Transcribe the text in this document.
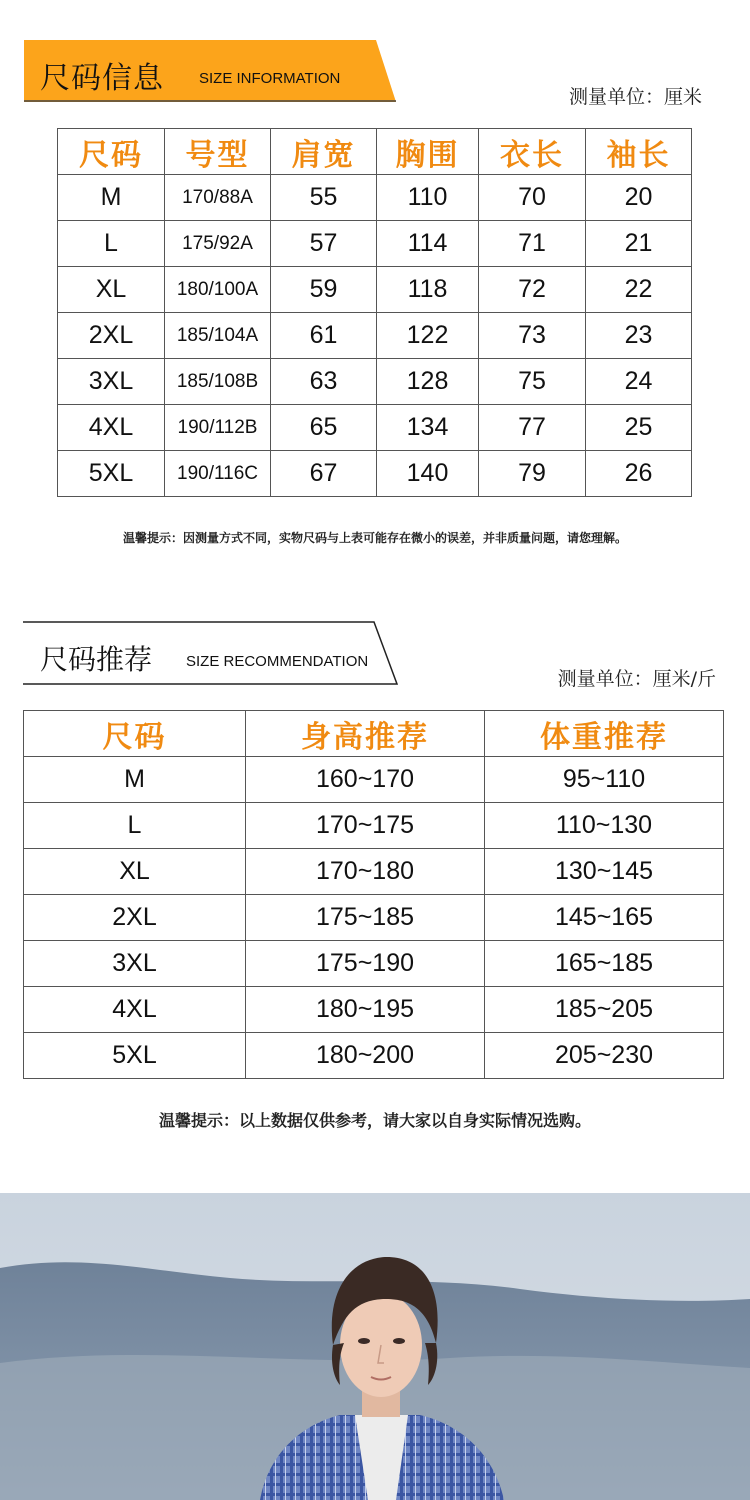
尺码信息 SIZE INFORMATION
测量单位：厘米
尺码	号型	肩宽	胸围	衣长	袖长
M	170/88A	55	110	70	20
L	175/92A	57	114	71	21
XL	180/100A	59	118	72	22
2XL	185/104A	61	122	73	23
3XL	185/108B	63	128	75	24
4XL	190/112B	65	134	77	25
5XL	190/116C	67	140	79	26
温馨提示：因测量方式不同，实物尺码与上表可能存在微小的误差，并非质量问题，请您理解。
尺码推荐 SIZE RECOMMENDATION
测量单位：厘米/斤
尺码	身高推荐	体重推荐
M	160~170	95~110
L	170~175	110~130
XL	170~180	130~145
2XL	175~185	145~165
3XL	175~190	165~185
4XL	180~195	185~205
5XL	180~200	205~230
温馨提示：以上数据仅供参考，请大家以自身实际情况选购。
